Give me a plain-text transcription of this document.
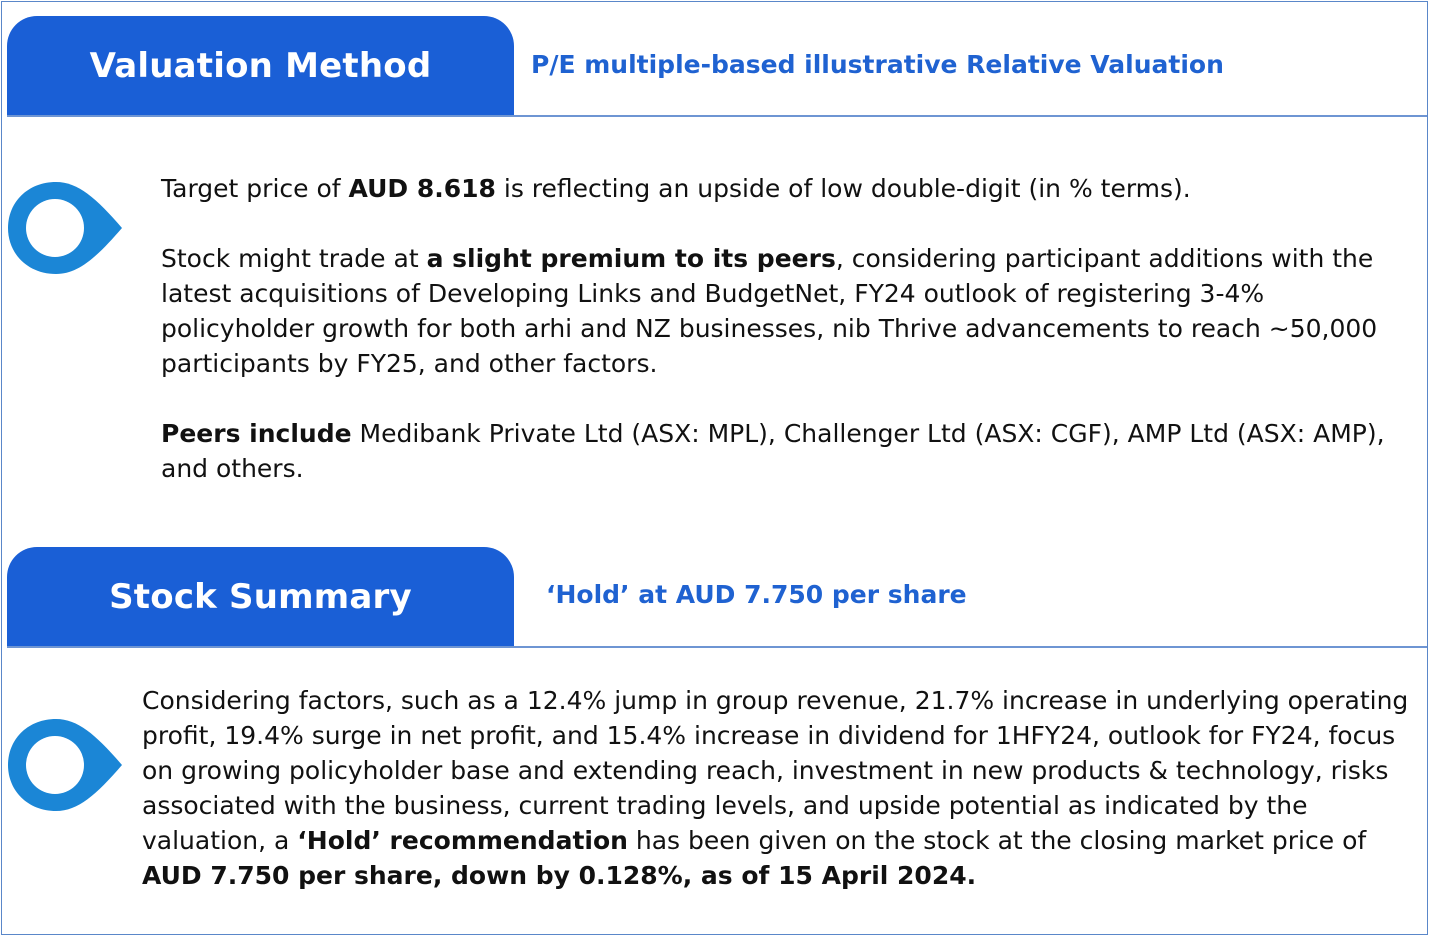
Valuation Method	P/E multiple-based illustrative Relative Valuation

Target price of AUD 8.618 is reflecting an upside of low double-digit (in % terms).

Stock might trade at a slight premium to its peers, considering participant additions with the latest acquisitions of Developing Links and BudgetNet, FY24 outlook of registering 3-4% policyholder growth for both arhi and NZ businesses, nib Thrive advancements to reach ~50,000 participants by FY25, and other factors.

Peers include Medibank Private Ltd (ASX: MPL), Challenger Ltd (ASX: CGF), AMP Ltd (ASX: AMP), and others.

Stock Summary	‘Hold’ at AUD 7.750 per share

Considering factors, such as a 12.4% jump in group revenue, 21.7% increase in underlying operating profit, 19.4% surge in net profit, and 15.4% increase in dividend for 1HFY24, outlook for FY24, focus on growing policyholder base and extending reach, investment in new products & technology, risks associated with the business, current trading levels, and upside potential as indicated by the valuation, a ‘Hold’ recommendation has been given on the stock at the closing market price of AUD 7.750 per share, down by 0.128%, as of 15 April 2024.
